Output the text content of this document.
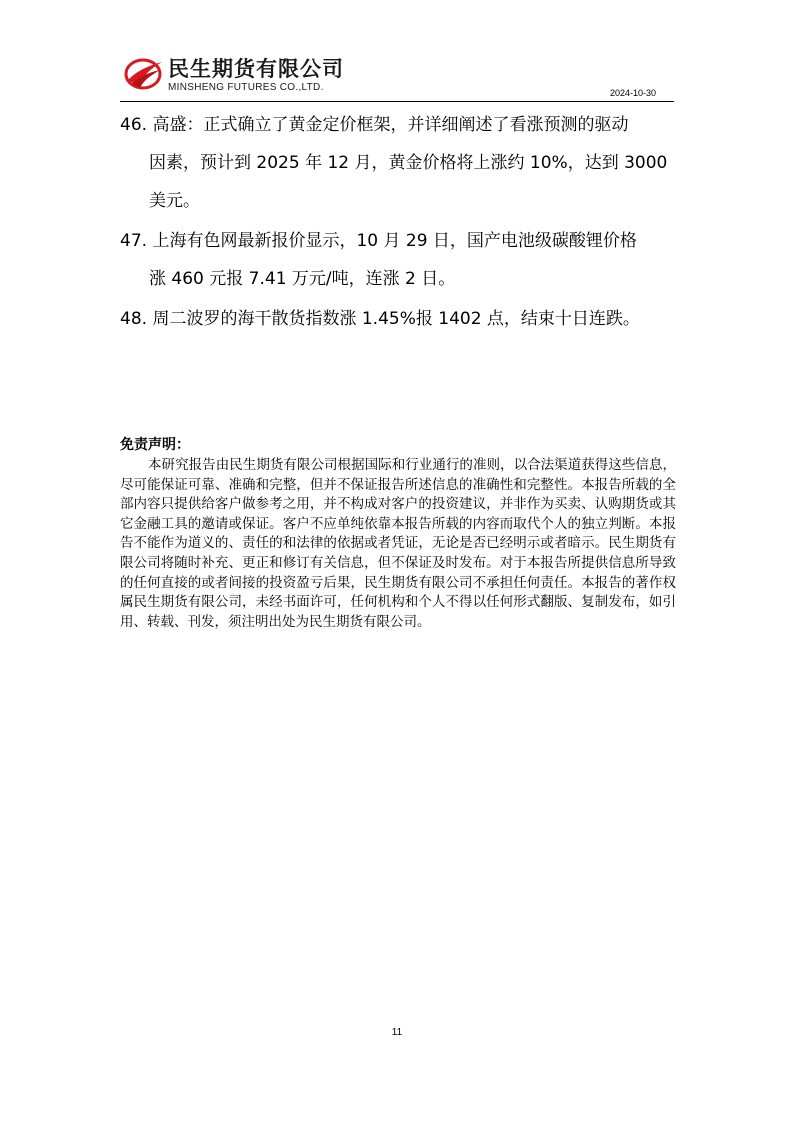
民生期货有限公司
MINSHENG FUTURES CO.,LTD.	2024-10-30
46. 高盛：正式确立了黄金定价框架，并详细阐述了看涨预测的驱动
因素，预计到 2025 年 12 月，黄金价格将上涨约 10%，达到 3000
美元。
47. 上海有色网最新报价显示，10 月 29 日，国产电池级碳酸锂价格
涨 460 元报 7.41 万元/吨，连涨 2 日。
48. 周二波罗的海干散货指数涨 1.45%报 1402 点，结束十日连跌。
免责声明：

本研究报告由民生期货有限公司根据国际和行业通行的准则，以合法渠道获得这些信息，尽可能保证可靠、准确和完整，但并不保证报告所述信息的准确性和完整性。本报告所载的全部内容只提供给客户做参考之用，并不构成对客户的投资建议，并非作为买卖、认购期货或其它金融工具的邀请或保证。客户不应单纯依靠本报告所载的内容而取代个人的独立判断。本报告不能作为道义的、责任的和法律的依据或者凭证，无论是否已经明示或者暗示。民生期货有限公司将随时补充、更正和修订有关信息，但不保证及时发布。对于本报告所提供信息所导致的任何直接的或者间接的投资盈亏后果，民生期货有限公司不承担任何责任。本报告的著作权属民生期货有限公司，未经书面许可，任何机构和个人不得以任何形式翻版、复制发布，如引用、转载、刊发，须注明出处为民生期货有限公司。

11
